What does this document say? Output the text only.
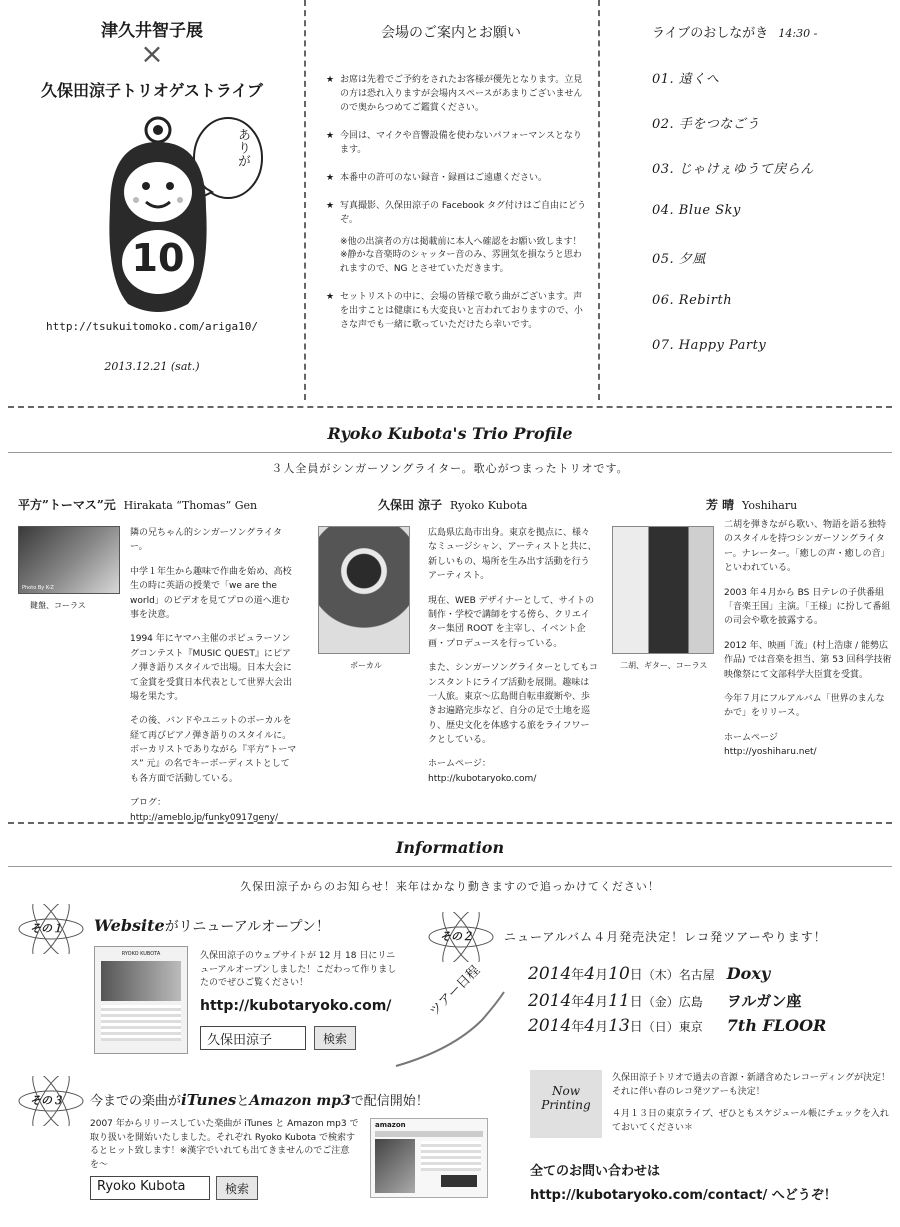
津久井智子展
×
久保田涼子トリオゲストライブ
ありが
10
http://tsukuitomoko.com/ariga10/
2013.12.21 (sat.)
会場のご案内とお願い

★ お席は先着でご予約をされたお客様が優先となります。立見の方は恐れ入りますが会場内スペースがあまりございませんので奥からつめてご鑑賞ください。

★ 今回は、マイクや音響設備を使わないパフォーマンスとなります。

★ 本番中の許可のない録音・録画はご遠慮ください。

★ 写真撮影、久保田涼子の Facebook タグ付けはご自由にどうぞ。

※他の出演者の方は掲載前に本人へ確認をお願い致します！

※静かな音楽時のシャッター音のみ、雰囲気を損なうと思われますので、NG とさせていただきます。

★ セットリストの中に、会場の皆様で歌う曲がございます。声を出すことは健康にも大変良いと言われておりますので、小さな声でも一緒に歌っていただけたら幸いです。

ライブのおしながき 14:30 -
01. 遠くへ
02. 手をつなごう
03. じゃけぇゆうて戻らん
04. Blue Sky
05. 夕風
06. Rebirth
07. Happy Party
Ryoko Kubota's Trio Profile
３人全員がシンガーソングライター。歌心がつまったトリオです。
平方”トーマス”元 Hirakata “Thomas” Gen
Photo By K-Z
鍵盤、コーラス

隣の兄ちゃん的シンガーソングライター。

中学１年生から趣味で作曲を始め、高校生の時に英語の授業で「we are the world」のビデオを見てプロの道へ進む事を決意。

1994 年にヤマハ主催のポピュラーソングコンテスト『MUSIC QUEST』にピアノ弾き語りスタイルで出場。日本大会にて金賞を受賞日本代表として世界大会出場を果たす。

その後、バンドやユニットのボーカルを経て再びピアノ弾き語りのスタイルに。ボーカリストでありながら『平方”トーマス” 元』の名でキーボーディストとしても各方面で活動している。

ブログ：
http://ameblo.jp/funky0917geny/

久保田 涼子 Ryoko Kubota
ボーカル

広島県広島市出身。東京を拠点に、様々なミュージシャン、アーティストと共に、新しいもの、場所を生み出す活動を行うアーティスト。

現在、WEB デザイナーとして、サイトの制作・学校で講師をする傍ら、クリエイター集団 ROOT を主宰し、イベント企画・プロデュースを行っている。

また、シンガーソングライターとしてもコンスタントにライブ活動を展開。趣味は一人旅。東京〜広島間自転車縦断や、歩きお遍路完歩など、自分の足で土地を巡り、歴史文化を体感する旅をライフワークとしている。

ホームページ：
http://kubotaryoko.com/

芳 晴 Yoshiharu
二胡、ギター、コーラス

二胡を弾きながら歌い、物語を語る独特のスタイルを持つシンガーソングライター。ナレーター。「癒しの声・癒しの音」といわれている。

2003 年４月から BS 日テレの子供番組「音楽王国」主演。「王様」に扮して番組の司会や歌を披露する。

2012 年、映画「流」(村上浩康 / 能勢広作品) では音楽を担当、第 53 回科学技術映像祭にて文部科学大臣賞を受賞。

今年７月にフルアルバム「世界のまんなかで」をリリース。

ホームページ
http://yoshiharu.net/

Information
久保田涼子からのお知らせ！来年はかなり動きますので追っかけてください！
その１ Websiteがリニューアルオープン！
RYOKO KUBOTA	久保田涼子のウェブサイトが 12 月 18 日にリニューアルオープンしました！こだわって作りましたのでぜひご覧ください！
http://kubotaryoko.com/
久保田涼子	検索
その２	ニューアルバム４月発売決定！レコ発ツアーやります！
ツアー日程	2014年4月10日（木）名古屋 Doxy
2014年4月11日（金）広島 ヲルガン座
2014年4月13日（日）東京 7th FLOOR
Now
Printing

久保田涼子トリオで過去の音源・新譜含めたレコーディングが決定！それに伴い春のレコ発ツアーも決定！

４月１３日の東京ライブ、ぜひともスケジュール帳にチェックを入れておいてください＊

その３ 今までの楽曲がiTunesとAmazon mp3で配信開始！
2007 年からリリースしていた楽曲が iTunes と Amazon mp3 で取り扱いを開始いたしました。それぞれ Ryoko Kubota で検索するとヒット致します！※漢字でいれても出てきませんのでご注意を〜
amazon
Ryoko Kubota	検索
全てのお問い合わせは
http://kubotaryoko.com/contact/ へどうぞ！
